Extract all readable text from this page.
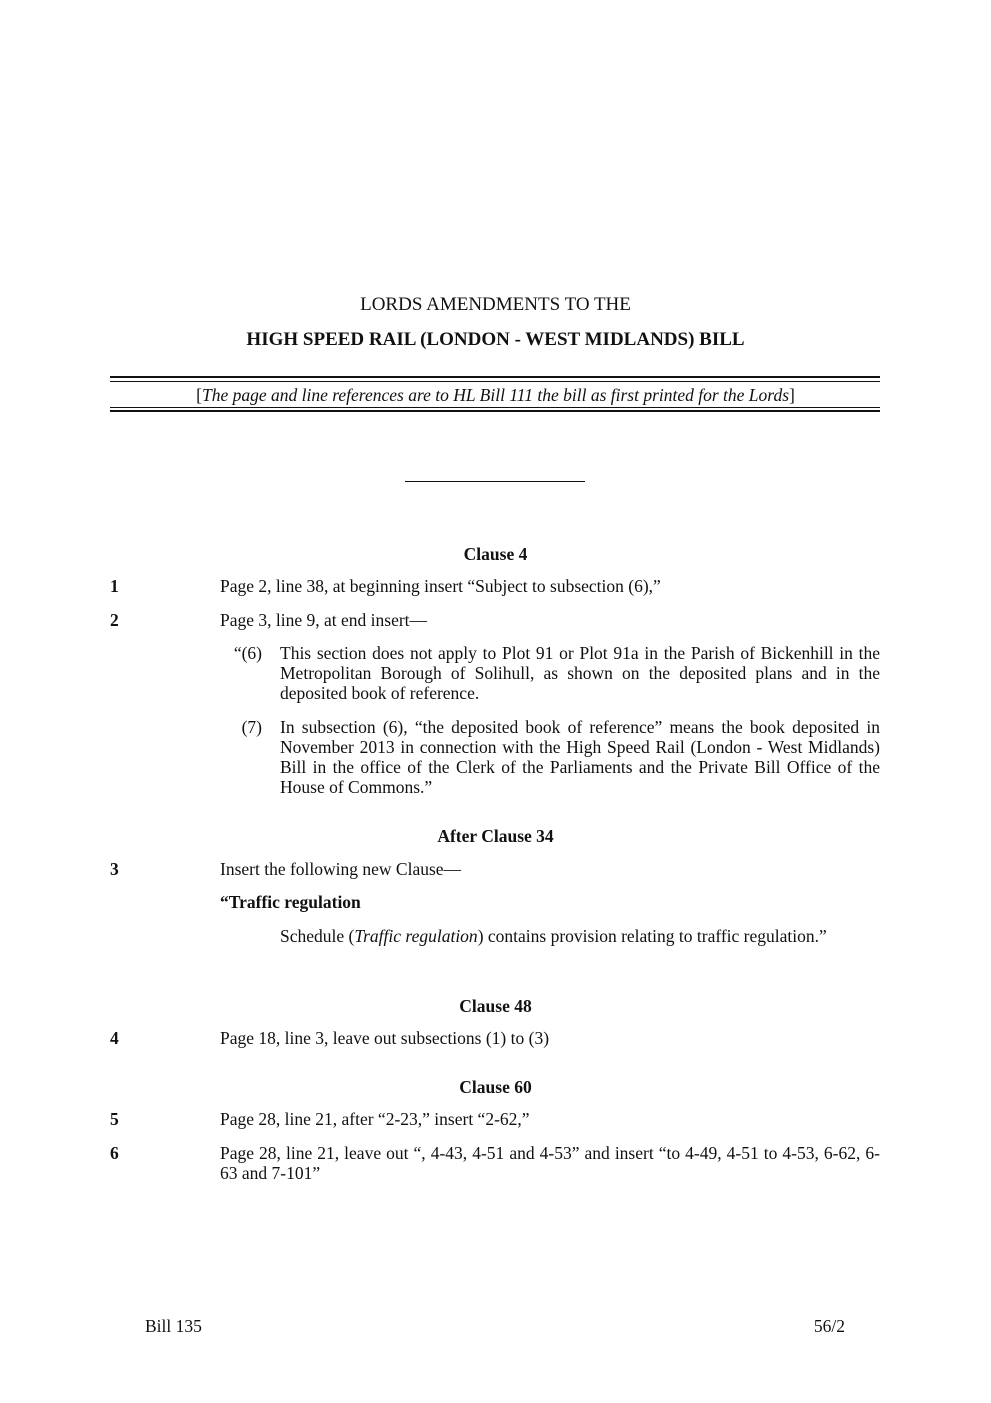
LORDS AMENDMENTS TO THE
HIGH SPEED RAIL (LONDON - WEST MIDLANDS) BILL
[The page and line references are to HL Bill 111 the bill as first printed for the Lords]
Clause 4
1	Page 2, line 38, at beginning insert “Subject to subsection (6),”
2	Page 3, line 9, at end insert—
“(6) This section does not apply to Plot 91 or Plot 91a in the Parish of Bickenhill in the Metropolitan Borough of Solihull, as shown on the deposited plans and in the deposited book of reference.
(7) In subsection (6), “the deposited book of reference” means the book deposited in November 2013 in connection with the High Speed Rail (London - West Midlands) Bill in the office of the Clerk of the Parliaments and the Private Bill Office of the House of Commons.”
After Clause 34
3	Insert the following new Clause—
“Traffic regulation
Schedule (Traffic regulation) contains provision relating to traffic regulation.”
Clause 48
4	Page 18, line 3, leave out subsections (1) to (3)
Clause 60
5	Page 28, line 21, after “2-23,” insert “2-62,”
6	Page 28, line 21, leave out “, 4-43, 4-51 and 4-53” and insert “to 4-49, 4-51 to 4-53, 6-62, 6-63 and 7-101”
Bill 135	56/2
